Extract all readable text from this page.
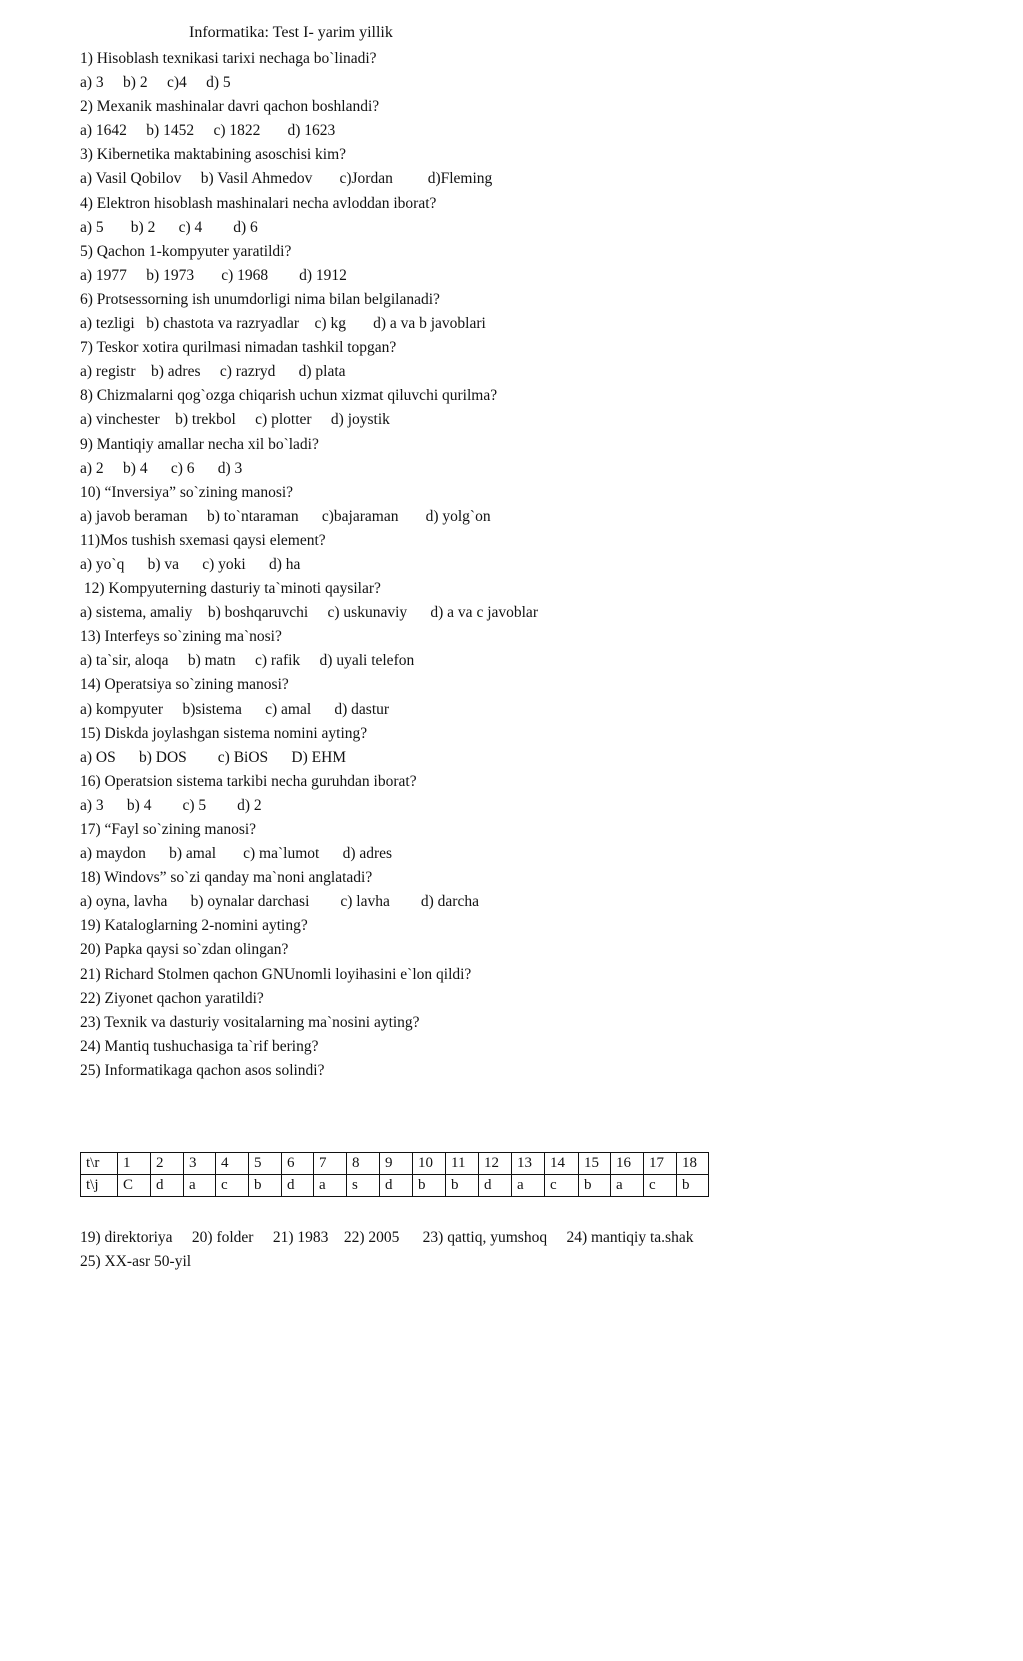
Informatika: Test I- yarim yillik
1) Hisoblash texnikasi tarixi nechaga bo`linadi?
a) 3     b) 2     c)4     d) 5
2) Mexanik mashinalar davri qachon boshlandi?
a) 1642     b) 1452     c) 1822       d) 1623
3) Kibernetika maktabining asoschisi kim?
a) Vasil Qobilov     b) Vasil Ahmedov       c)Jordan         d)Fleming
4) Elektron hisoblash mashinalari necha avloddan iborat?
a) 5       b) 2      c) 4        d) 6
5) Qachon 1-kompyuter yaratildi?
a) 1977     b) 1973       c) 1968        d) 1912
6) Protsessorning ish unumdorligi nima bilan belgilanadi?
a) tezligi   b) chastota va razryadlar    c) kg       d) a va b javoblari
7) Teskor xotira qurilmasi nimadan tashkil topgan?
a) registr    b) adres     c) razryd      d) plata
8) Chizmalarni qog`ozga chiqarish uchun xizmat qiluvchi qurilma?
a) vinchester    b) trekbol     c) plotter     d) joystik
9) Mantiqiy amallar necha xil bo`ladi?
a) 2     b) 4      c) 6      d) 3
10) “Inversiya” so`zining manosi?
a) javob beraman     b) to`ntaraman      c)bajaraman       d) yolg`on
11)Mos tushish sxemasi qaysi element?
a) yo`q      b) va      c) yoki      d) ha
12) Kompyuterning dasturiy ta`minoti qaysilar?
a) sistema, amaliy    b) boshqaruvchi     c) uskunaviy      d) a va c javoblar
13) Interfeys so`zining ma`nosi?
a) ta`sir, aloqa     b) matn     c) rafik     d) uyali telefon
14) Operatsiya so`zining manosi?
a) kompyuter     b)sistema      c) amal      d) dastur
15) Diskda joylashgan sistema nomini ayting?
a) OS      b) DOS        c) BiOS      D) EHM
16) Operatsion sistema tarkibi necha guruhdan iborat?
a) 3      b) 4        c) 5        d) 2
17) “Fayl so`zining manosi?
a) maydon      b) amal       c) ma`lumot      d) adres
18) Windovs” so`zi qanday ma`noni anglatadi?
a) oyna, lavha      b) oynalar darchasi        c) lavha        d) darcha
19) Kataloglarning 2-nomini ayting?
20) Papka qaysi so`zdan olingan?
21) Richard Stolmen qachon GNUnomli loyihasini e`lon qildi?
22) Ziyonet qachon yaratildi?
23) Texnik va dasturiy vositalarning ma`nosini ayting?
24) Mantiq tushuchasiga ta`rif bering?
25) Informatikaga qachon asos solindi?
t\r	1	2	3	4	5	6	7	8	9	10	11	12	13	14	15	16	17	18
t\j	C	d	a	c	b	d	a	s	d	b	b	d	a	c	b	a	c	b
19) direktoriya     20) folder     21) 1983    22) 2005      23) qattiq, yumshoq     24) mantiqiy ta.shak
25) XX-asr 50-yil
